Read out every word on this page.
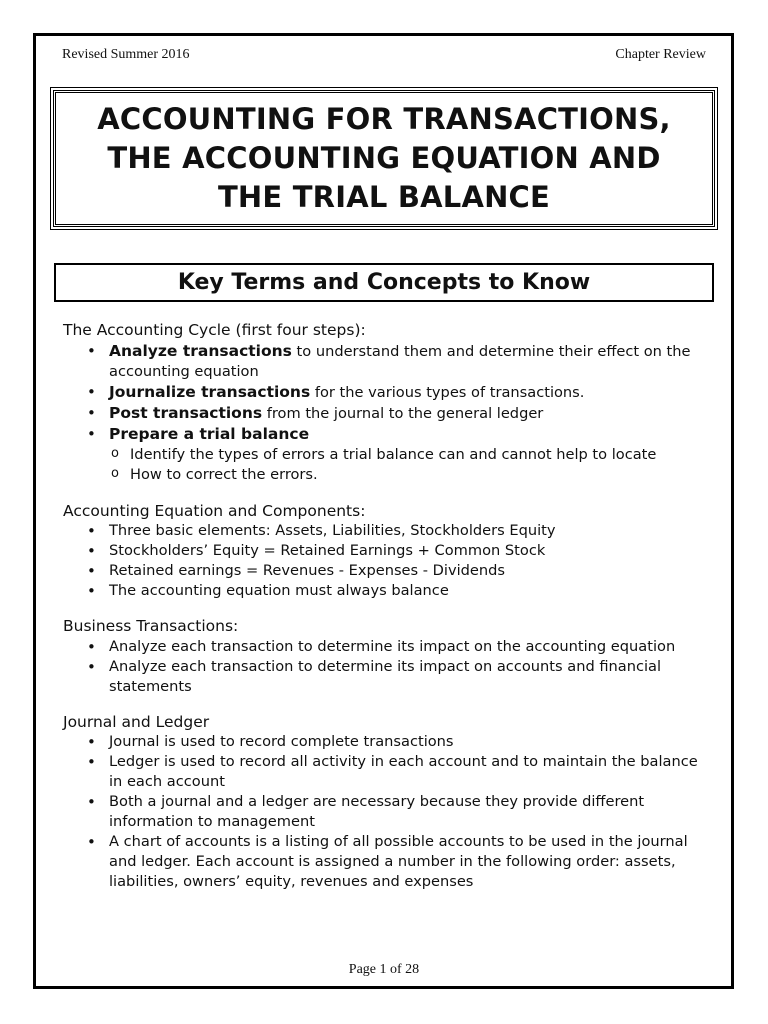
Revised Summer 2016	Chapter Review
ACCOUNTING FOR TRANSACTIONS,
THE ACCOUNTING EQUATION AND
THE TRIAL BALANCE
Key Terms and Concepts to Know

The Accounting Cycle (first four steps):

• Analyze transactions to understand them and determine their effect on the accounting equation
• Journalize transactions for the various types of transactions.
• Post transactions from the journal to the general ledger
• Prepare a trial balance
o Identify the types of errors a trial balance can and cannot help to locate
o How to correct the errors.

Accounting Equation and Components:

• Three basic elements: Assets, Liabilities, Stockholders Equity
• Stockholders’ Equity = Retained Earnings + Common Stock
• Retained earnings = Revenues - Expenses - Dividends
• The accounting equation must always balance

Business Transactions:

• Analyze each transaction to determine its impact on the accounting equation
• Analyze each transaction to determine its impact on accounts and financial statements

Journal and Ledger

• Journal is used to record complete transactions
• Ledger is used to record all activity in each account and to maintain the balance in each account
• Both a journal and a ledger are necessary because they provide different information to management
• A chart of accounts is a listing of all possible accounts to be used in the journal and ledger. Each account is assigned a number in the following order: assets, liabilities, owners’ equity, revenues and expenses
Page 1 of 28
